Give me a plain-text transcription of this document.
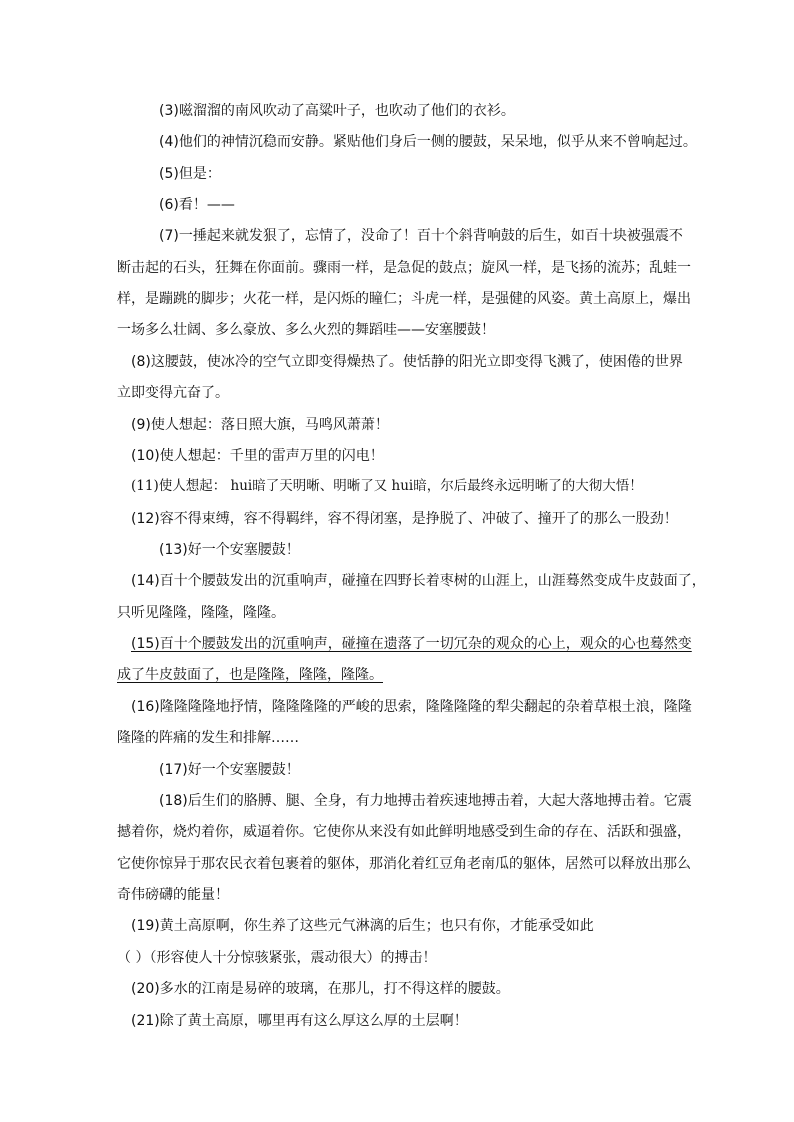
(3)嗞溜溜的南风吹动了高粱叶子，也吹动了他们的衣衫。

(4)他们的神情沉稳而安静。紧贴他们身后一侧的腰鼓，呆呆地，似乎从来不曾响起过。

(5)但是：

(6)看！——

(7)一捶起来就发狠了，忘情了，没命了！百十个斜背响鼓的后生，如百十块被强震不

断击起的石头，狂舞在你面前。骤雨一样，是急促的鼓点；旋风一样，是飞扬的流苏；乱蛙一

样，是蹦跳的脚步；火花一样，是闪烁的瞳仁；斗虎一样，是强健的风姿。黄土高原上，爆出

一场多么壮阔、多么豪放、多么火烈的舞蹈哇——安塞腰鼓！

(8)这腰鼓，使冰冷的空气立即变得燥热了。使恬静的阳光立即变得飞溅了，使困倦的世界

立即变得亢奋了。

(9)使人想起：落日照大旗，马鸣风萧萧！

(10)使人想起：千里的雷声万里的闪电！

(11)使人想起： hui暗了天明晰、明晰了又 hui暗，尔后最终永远明晰了的大彻大悟！

(12)容不得束缚，容不得羁绊，容不得闭塞，是挣脱了、冲破了、撞开了的那么一股劲！

(13)好一个安塞腰鼓！

(14)百十个腰鼓发出的沉重响声，碰撞在四野长着枣树的山涯上，山涯蓦然变成牛皮鼓面了，

只听见隆隆，隆隆，隆隆。

(15)百十个腰鼓发出的沉重响声，碰撞在遗落了一切冗杂的观众的心上，观众的心也蓦然变

成了牛皮鼓面了，也是隆隆，隆隆，隆隆。

(16)隆隆隆隆地抒情，隆隆隆隆的严峻的思索，隆隆隆隆的犁尖翻起的杂着草根土浪，隆隆

隆隆的阵痛的发生和排解……

(17)好一个安塞腰鼓！

(18)后生们的胳膊、腿、全身，有力地搏击着疾速地搏击着，大起大落地搏击着。它震

撼着你，烧灼着你，威逼着你。它使你从来没有如此鲜明地感受到生命的存在、活跃和强盛，

它使你惊异于那农民衣着包裹着的躯体，那消化着红豆角老南瓜的躯体，居然可以释放出那么

奇伟磅礴的能量！

(19)黄土高原啊，你生养了这些元气淋漓的后生；也只有你，才能承受如此

（ ）（形容使人十分惊骇紧张，震动很大）的搏击！

(20)多水的江南是易碎的玻璃，在那儿，打不得这样的腰鼓。

(21)除了黄土高原，哪里再有这么厚这么厚的土层啊！
